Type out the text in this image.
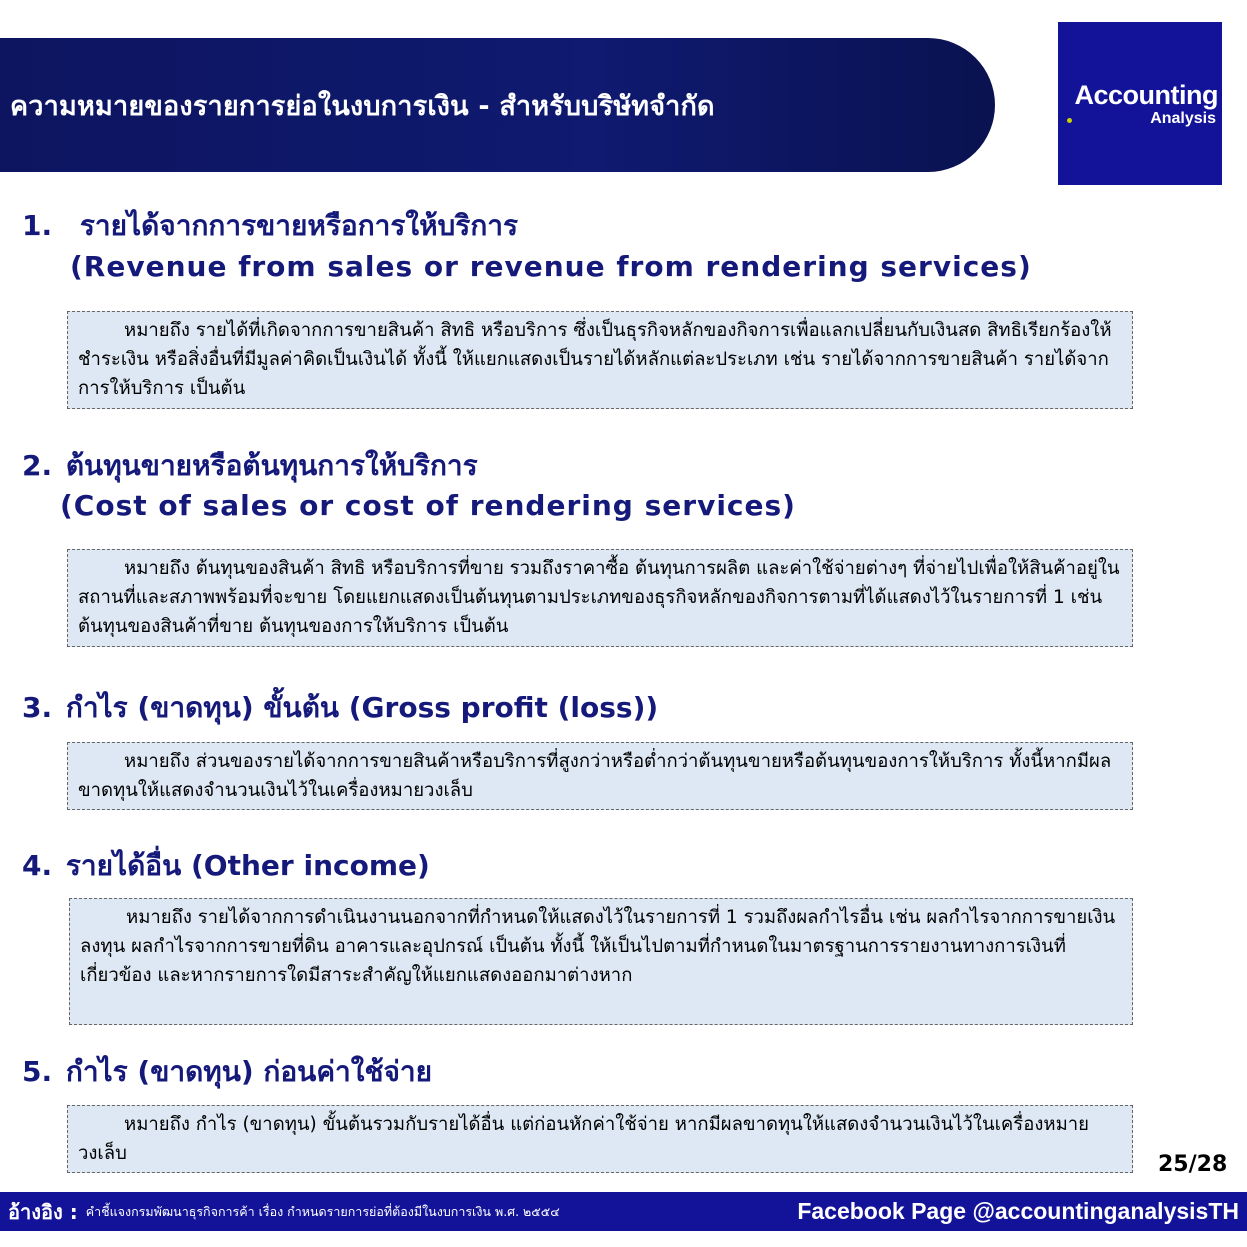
ความหมายของรายการย่อในงบการเงิน - สำหรับบริษัทจำกัด	Accounting
Analysis
1. รายได้จากการขายหรือการให้บริการ
(Revenue from sales or revenue from rendering services)

หมายถึง รายได้ที่เกิดจากการขายสินค้า สิทธิ หรือบริการ ซึ่งเป็นธุรกิจหลักของกิจการเพื่อแลกเปลี่ยนกับเงินสด สิทธิเรียกร้องให้ชำระเงิน หรือสิ่งอื่นที่มีมูลค่าคิดเป็นเงินได้ ทั้งนี้ ให้แยกแสดงเป็นรายได้หลักแต่ละประเภท เช่น รายได้จากการขายสินค้า รายได้จากการให้บริการ เป็นต้น

2. ต้นทุนขายหรือต้นทุนการให้บริการ
(Cost of sales or cost of rendering services)

หมายถึง ต้นทุนของสินค้า สิทธิ หรือบริการที่ขาย รวมถึงราคาซื้อ ต้นทุนการผลิต และค่าใช้จ่ายต่างๆ ที่จ่ายไปเพื่อให้สินค้าอยู่ในสถานที่และสภาพพร้อมที่จะขาย โดยแยกแสดงเป็นต้นทุนตามประเภทของธุรกิจหลักของกิจการตามที่ได้แสดงไว้ในรายการที่ 1 เช่น ต้นทุนของสินค้าที่ขาย ต้นทุนของการให้บริการ เป็นต้น

3. กำไร (ขาดทุน) ขั้นต้น (Gross profit (loss))

หมายถึง ส่วนของรายได้จากการขายสินค้าหรือบริการที่สูงกว่าหรือต่ำกว่าต้นทุนขายหรือต้นทุนของการให้บริการ ทั้งนี้หากมีผลขาดทุนให้แสดงจำนวนเงินไว้ในเครื่องหมายวงเล็บ

4. รายได้อื่น (Other income)

หมายถึง รายได้จากการดำเนินงานนอกจากที่กำหนดให้แสดงไว้ในรายการที่ 1 รวมถึงผลกำไรอื่น เช่น ผลกำไรจากการขายเงินลงทุน ผลกำไรจากการขายที่ดิน อาคารและอุปกรณ์ เป็นต้น ทั้งนี้ ให้เป็นไปตามที่กำหนดในมาตรฐานการรายงานทางการเงินที่เกี่ยวข้อง และหากรายการใดมีสาระสำคัญให้แยกแสดงออกมาต่างหาก

5. กำไร (ขาดทุน) ก่อนค่าใช้จ่าย

หมายถึง กำไร (ขาดทุน) ขั้นต้นรวมกับรายได้อื่น แต่ก่อนหักค่าใช้จ่าย หากมีผลขาดทุนให้แสดงจำนวนเงินไว้ในเครื่องหมายวงเล็บ	25/28
อ้างอิง : คำชี้แจงกรมพัฒนาธุรกิจการค้า เรื่อง กำหนดรายการย่อที่ต้องมีในงบการเงิน พ.ศ. ๒๕๕๔	Facebook Page @accountinganalysisTH
